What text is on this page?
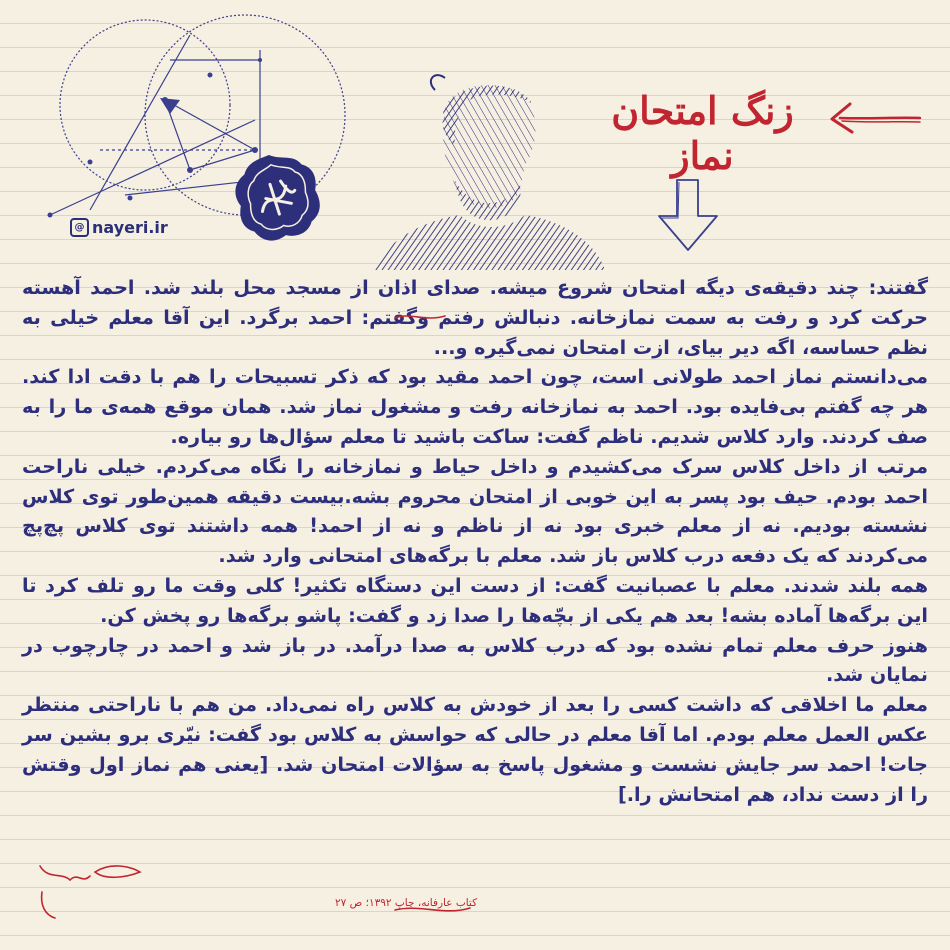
@ nayeri.ir
زنگ امتحان نماز

گفتند: چند دقیقه‌ی دیگه امتحان شروع میشه. صدای اذان از مسجد محل بلند شد. احمد آهسته حرکت کرد و رفت به سمت نمازخانه. دنبالش رفتم وگفتم: احمد برگرد. این آقا معلم خیلی به نظم حساسه، اگه دیر بیای، ازت امتحان نمی‌گیره و...

می‌دانستم نماز احمد طولانی است، چون احمد مقید بود که ذکر تسبیحات را هم با دقت ادا کند. هر چه گفتم بی‌فایده بود. احمد به نمازخانه رفت و مشغول نماز شد. همان موقع همه‌ی ما را به صف کردند. وارد کلاس شدیم. ناظم گفت: ساکت باشید تا معلم سؤال‌ها رو بیاره.

مرتب از داخل کلاس سرک می‌کشیدم و داخل حیاط و نمازخانه را نگاه می‌کردم. خیلی ناراحت احمد بودم. حیف بود پسر به این خوبی از امتحان محروم بشه.بیست دقیقه همین‌طور توی کلاس نشسته بودیم. نه از معلم خبری بود نه از ناظم و نه از احمد! همه داشتند توی کلاس پچ‌پچ می‌کردند که یک دفعه درب کلاس باز شد. معلم با برگه‌های امتحانی وارد شد.

همه بلند شدند. معلم با عصبانیت گفت: از دست این دستگاه تکثیر! کلی وقت ما رو تلف کرد تا این برگه‌ها آماده بشه! بعد هم یکی از بچّه‌ها را صدا زد و گفت: پاشو برگه‌ها رو پخش کن.

هنوز حرف معلم تمام نشده بود که درب کلاس به صدا درآمد. در باز شد و احمد در چارچوب در نمایان شد.

معلم ما اخلاقی که داشت کسی را بعد از خودش به کلاس راه نمی‌داد. من هم با ناراحتی منتظر عکس العمل معلم بودم. اما آقا معلم در حالی که حواسش به کلاس بود گفت: نیّری برو بشین سر جات! احمد سر جایش نشست و مشغول پاسخ به سؤالات امتحان شد. [یعنی هم نماز اول وقتش را از دست نداد، هم امتحانش را.]

کتاب عارفانه، چاپ ۱۳۹۲؛ ص ۲۷
